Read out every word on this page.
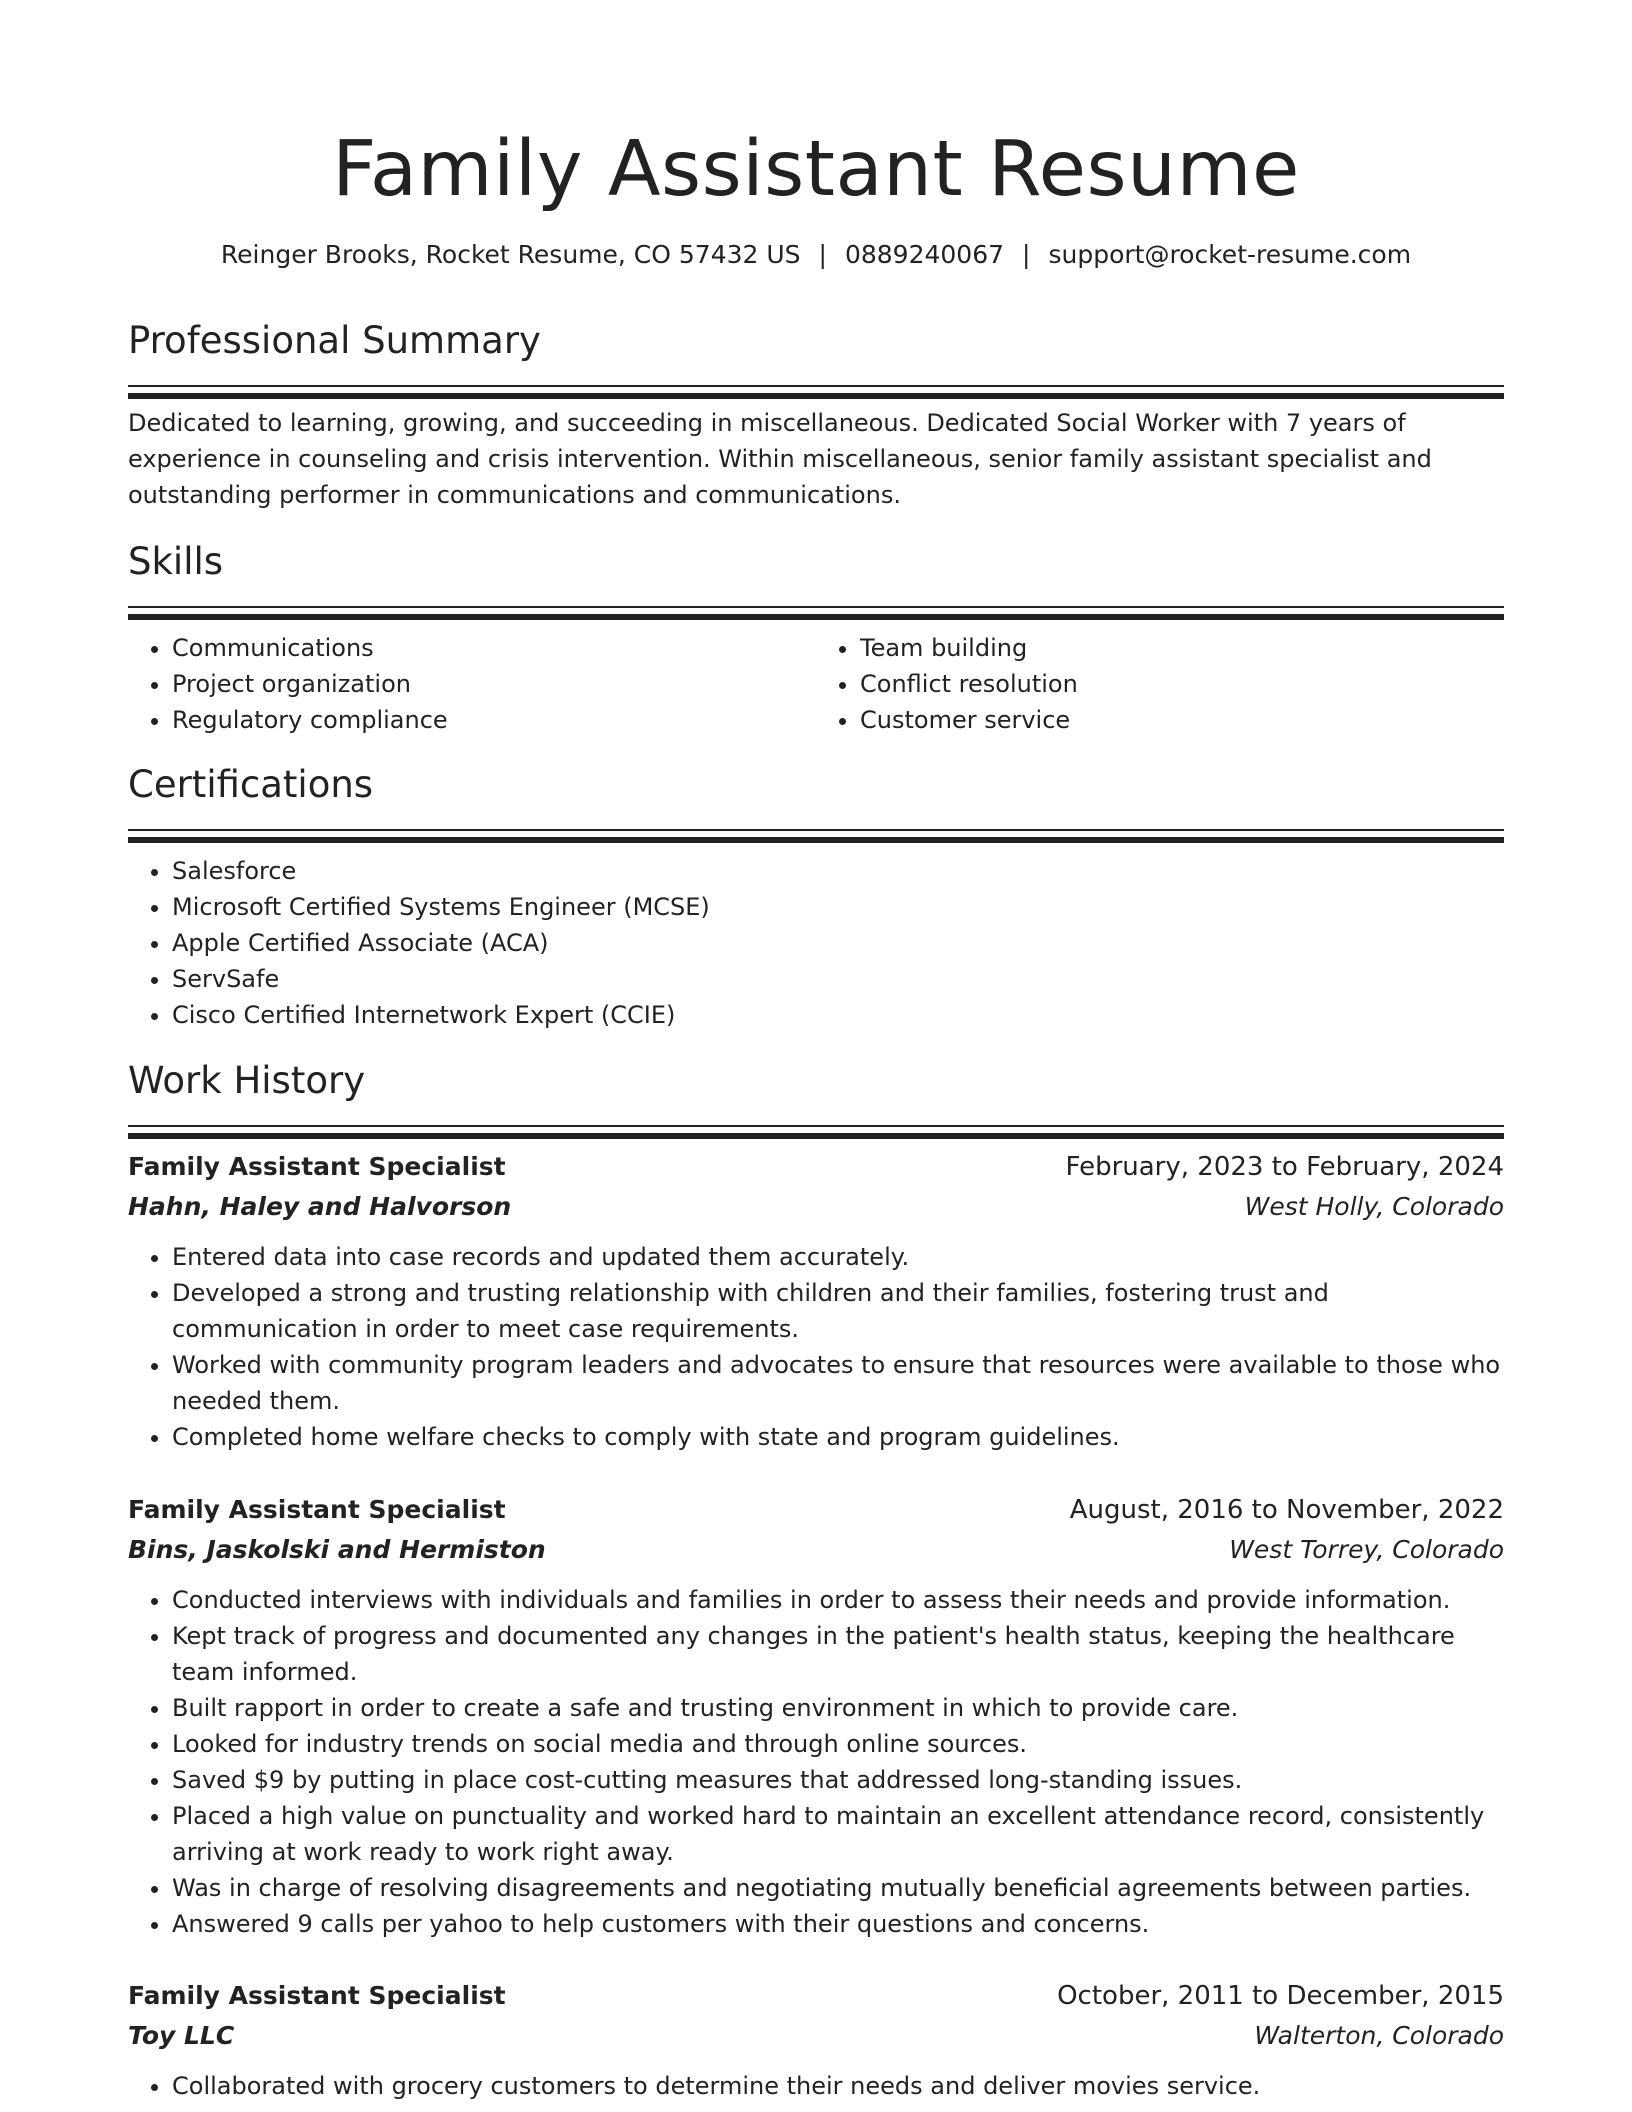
Family Assistant Resume
Reinger Brooks, Rocket Resume, CO 57432 US | 0889240067 | support@rocket-resume.com
Professional Summary

Dedicated to learning, growing, and succeeding in miscellaneous. Dedicated Social Worker with 7 years of experience in counseling and crisis intervention. Within miscellaneous, senior family assistant specialist and outstanding performer in communications and communications.

Skills
• Communications
• Project organization
• Regulatory compliance
• Team building
• Conflict resolution
• Customer service
Certifications
• Salesforce
• Microsoft Certified Systems Engineer (MCSE)
• Apple Certified Associate (ACA)
• ServSafe
• Cisco Certified Internetwork Expert (CCIE)
Work History
Family Assistant Specialist	February, 2023 to February, 2024
Hahn, Haley and Halvorson	West Holly, Colorado
• Entered data into case records and updated them accurately.
• Developed a strong and trusting relationship with children and their families, fostering trust and communication in order to meet case requirements.
• Worked with community program leaders and advocates to ensure that resources were available to those who needed them.
• Completed home welfare checks to comply with state and program guidelines.
Family Assistant Specialist	August, 2016 to November, 2022
Bins, Jaskolski and Hermiston	West Torrey, Colorado
• Conducted interviews with individuals and families in order to assess their needs and provide information.
• Kept track of progress and documented any changes in the patient's health status, keeping the healthcare team informed.
• Built rapport in order to create a safe and trusting environment in which to provide care.
• Looked for industry trends on social media and through online sources.
• Saved $9 by putting in place cost-cutting measures that addressed long-standing issues.
• Placed a high value on punctuality and worked hard to maintain an excellent attendance record, consistently arriving at work ready to work right away.
• Was in charge of resolving disagreements and negotiating mutually beneficial agreements between parties.
• Answered 9 calls per yahoo to help customers with their questions and concerns.
Family Assistant Specialist	October, 2011 to December, 2015
Toy LLC	Walterton, Colorado
• Collaborated with grocery customers to determine their needs and deliver movies service.
